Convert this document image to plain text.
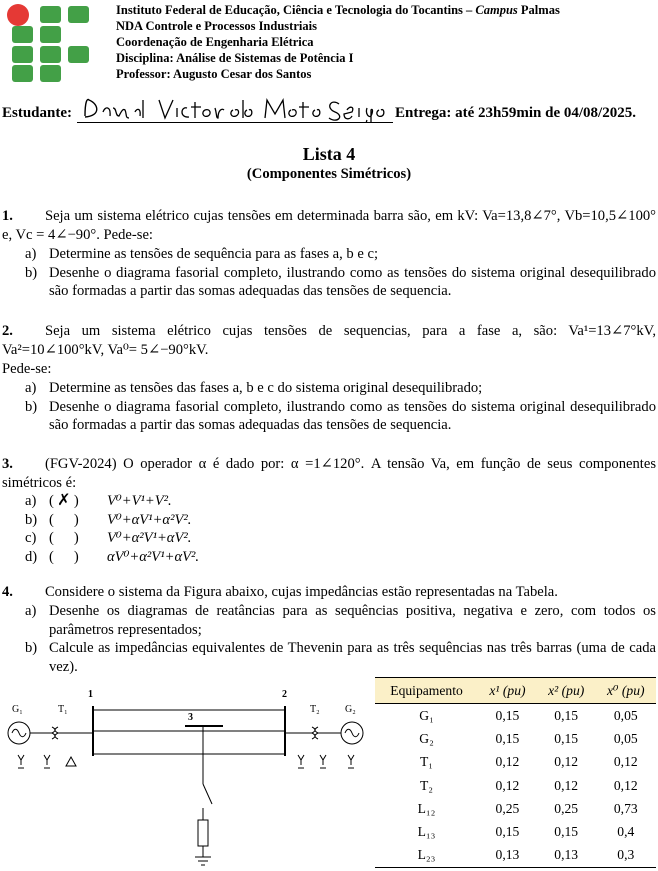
Instituto Federal de Educação, Ciência e Tecnologia do Tocantins – Campus Palmas
NDA Controle e Processos Industriais
Coordenação de Engenharia Elétrica
Disciplina: Análise de Sistemas de Potência I
Professor: Augusto Cesar dos Santos
Estudante:	Entrega: até 23h59min de 04/08/2025.
Lista 4
(Componentes Simétricos)
1. Seja um sistema elétrico cujas tensões em determinada barra são, em kV: Va=13,8∠7°, Vb=10,5∠100° e, Vc = 4∠−90°. Pede-se:
a) Determine as tensões de sequência para as fases a, b e c;
b) Desenhe o diagrama fasorial completo, ilustrando como as tensões do sistema original desequilibrado são formadas a partir das somas adequadas das tensões de sequencia.
2. Seja um sistema elétrico cujas tensões de sequencias, para a fase a, são: Va¹=13∠7°kV, Va²=10∠100°kV, Va⁰= 5∠−90°kV.
Pede-se:
a) Determine as tensões das fases a, b e c do sistema original desequilibrado;
b) Desenhe o diagrama fasorial completo, ilustrando como as tensões do sistema original desequilibrado são formadas a partir das somas adequadas das tensões de sequencia.
3. (FGV-2024) O operador α é dado por: α =1∠120°. A tensão Va, em função de seus componentes simétricos é:
a) ( ✗ )	V⁰+V¹+V².
b) ( )	V⁰+αV¹+α²V².
c) ( )	V⁰+α²V¹+αV².
d) ( )	αV⁰+α²V¹+αV².
4. Considere o sistema da Figura abaixo, cujas impedâncias estão representadas na Tabela.
a) Desenhe os diagramas de reatâncias para as sequências positiva, negativa e zero, com todos os parâmetros representados;
b) Calcule as impedâncias equivalentes de Thevenin para as três sequências nas três barras (uma de cada vez).
G₁	T₁
1	2
3
T₂	G₂
Equipamento	x¹ (pu)	x² (pu)	x⁰ (pu)
G₁	0,15	0,15	0,05
G₂	0,15	0,15	0,05
T₁	0,12	0,12	0,12
T₂	0,12	0,12	0,12
L₁₂	0,25	0,25	0,73
L₁₃	0,15	0,15	0,4
L₂₃	0,13	0,13	0,3
